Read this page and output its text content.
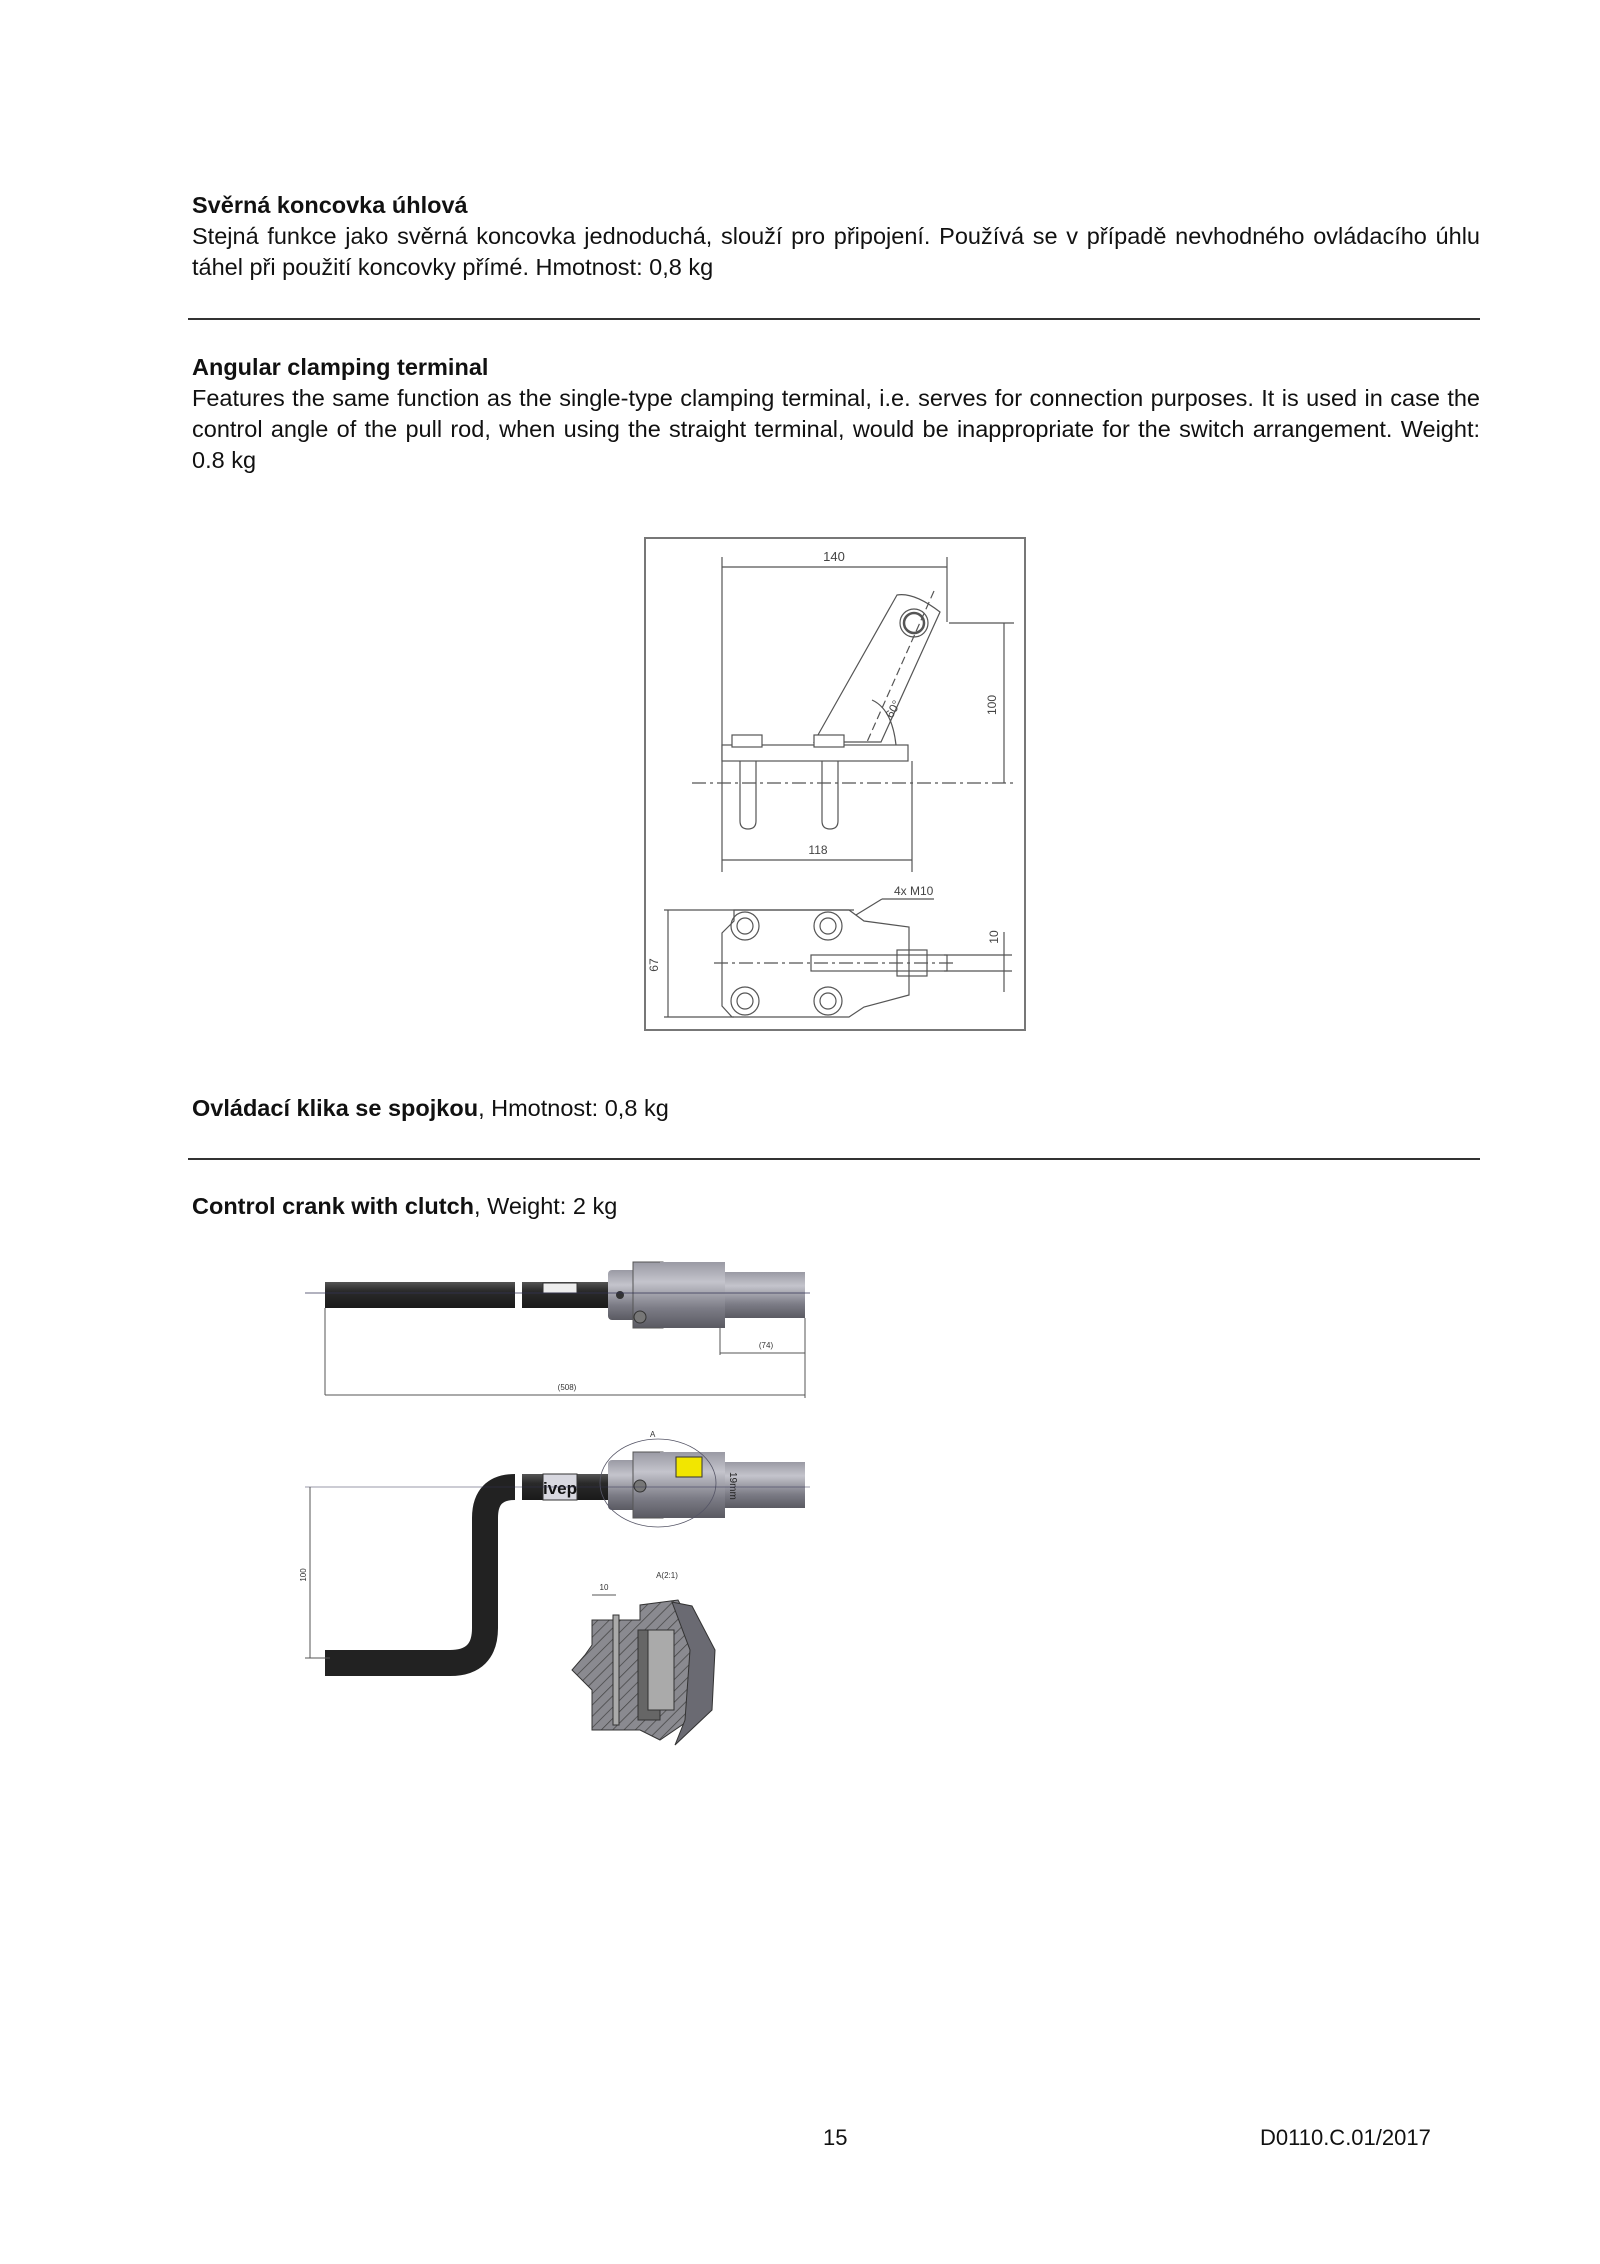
Svěrná koncovka úhlová
Stejná funkce jako svěrná koncovka jednoduchá, slouží pro připojení. Používá se v případě nevhodného ovládacího úhlu táhel při použití koncovky přímé. Hmotnost: 0,8 kg
Angular clamping terminal
Features the same function as the single-type clamping terminal, i.e. serves for connection purposes. It is used in case the control angle of the pull rod, when using the straight terminal, would be inappropriate for the switch arrangement. Weight: 0.8 kg
140
60°	100
118
4x M10
67
10
Ovládací klika se spojkou, Hmotnost: 0,8 kg
Control crank with clutch, Weight: 2 kg
(74)
(508)
ivep	19mm
A
100	A(2:1)
10
15	D0110.C.01/2017
